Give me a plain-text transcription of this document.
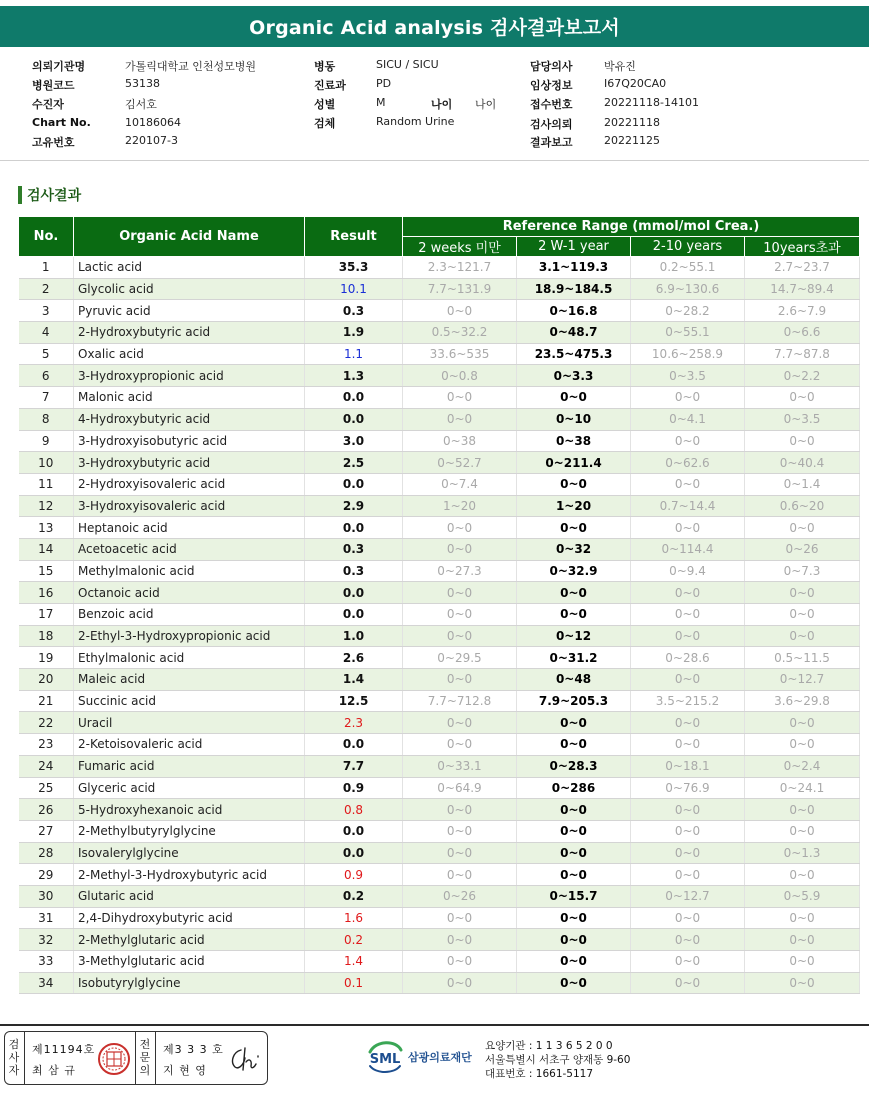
Organic Acid analysis 검사결과보고서
의뢰기관명	가톨릭대학교 인천성모병원
병원코드	53138
수진자	김서호
Chart No.	10186064
고유번호	220107-3
병동	SICU / SICU
진료과	PD
성별	M	나이	나이
검체	Random Urine
담당의사	박유진
임상정보	I67Q20CA0
접수번호	20221118-14101
검사의뢰	20221118
결과보고	20221125
검사결과
No.	Organic Acid Name	Result	Reference Range (mmol/mol Crea.)			
			2 weeks 미만	2 W-1 year	2-10 years	10years초과
1	Lactic acid	35.3	2.3~121.7	3.1~119.3	0.2~55.1	2.7~23.7
2	Glycolic acid	10.1	7.7~131.9	18.9~184.5	6.9~130.6	14.7~89.4
3	Pyruvic acid	0.3	0~0	0~16.8	0~28.2	2.6~7.9
4	2-Hydroxybutyric acid	1.9	0.5~32.2	0~48.7	0~55.1	0~6.6
5	Oxalic acid	1.1	33.6~535	23.5~475.3	10.6~258.9	7.7~87.8
6	3-Hydroxypropionic acid	1.3	0~0.8	0~3.3	0~3.5	0~2.2
7	Malonic acid	0.0	0~0	0~0	0~0	0~0
8	4-Hydroxybutyric acid	0.0	0~0	0~10	0~4.1	0~3.5
9	3-Hydroxyisobutyric acid	3.0	0~38	0~38	0~0	0~0
10	3-Hydroxybutyric acid	2.5	0~52.7	0~211.4	0~62.6	0~40.4
11	2-Hydroxyisovaleric acid	0.0	0~7.4	0~0	0~0	0~1.4
12	3-Hydroxyisovaleric acid	2.9	1~20	1~20	0.7~14.4	0.6~20
13	Heptanoic acid	0.0	0~0	0~0	0~0	0~0
14	Acetoacetic acid	0.3	0~0	0~32	0~114.4	0~26
15	Methylmalonic acid	0.3	0~27.3	0~32.9	0~9.4	0~7.3
16	Octanoic acid	0.0	0~0	0~0	0~0	0~0
17	Benzoic acid	0.0	0~0	0~0	0~0	0~0
18	2-Ethyl-3-Hydroxypropionic acid	1.0	0~0	0~12	0~0	0~0
19	Ethylmalonic acid	2.6	0~29.5	0~31.2	0~28.6	0.5~11.5
20	Maleic acid	1.4	0~0	0~48	0~0	0~12.7
21	Succinic acid	12.5	7.7~712.8	7.9~205.3	3.5~215.2	3.6~29.8
22	Uracil	2.3	0~0	0~0	0~0	0~0
23	2-Ketoisovaleric acid	0.0	0~0	0~0	0~0	0~0
24	Fumaric acid	7.7	0~33.1	0~28.3	0~18.1	0~2.4
25	Glyceric acid	0.9	0~64.9	0~286	0~76.9	0~24.1
26	5-Hydroxyhexanoic acid	0.8	0~0	0~0	0~0	0~0
27	2-Methylbutyrylglycine	0.0	0~0	0~0	0~0	0~0
28	Isovalerylglycine	0.0	0~0	0~0	0~0	0~1.3
29	2-Methyl-3-Hydroxybutyric acid	0.9	0~0	0~0	0~0	0~0
30	Glutaric acid	0.2	0~26	0~15.7	0~12.7	0~5.9
31	2,4-Dihydroxybutyric acid	1.6	0~0	0~0	0~0	0~0
32	2-Methylglutaric acid	0.2	0~0	0~0	0~0	0~0
33	3-Methylglutaric acid	1.4	0~0	0~0	0~0	0~0
34	Isobutyrylglycine	0.1	0~0	0~0	0~0	0~0
검
사
자
제11194호
최 삼 규
전
문
의
제3 3 3 호
지 현 영
SML 삼광의료재단
요양기관 : 1 1 3 6 5 2 0 0
서울특별시 서초구 양재동 9-60
대표번호 : 1661-5117
